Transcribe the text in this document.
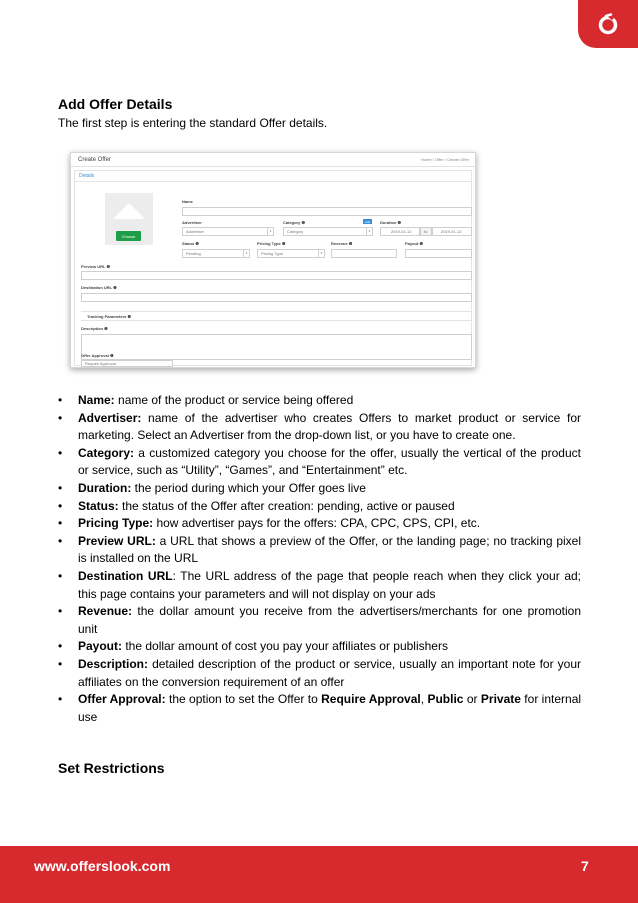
Add Offer Details
The first step is entering the standard Offer details.
Create Offer	Home / Offer / Create Offer
Details
Choose
Name
Advertiser
Advertiser	▾
Category ❶	Add
Category	▾
Duration ❶
2019-01-12	to	2019-01-12
Status ❶
Pending	▾
Pricing Type ❶
Pricing Type	▾
Revenue ❶	Payout ❶
Preview URL ❶
Destination URL ❶
Tracking Parameters ❶
Description ❶
Offer Approval ❶
Require Approval
• Name: name of the product or service being offered
• Advertiser: name of the advertiser who creates Offers to market product or service for marketing. Select an Advertiser from the drop-down list, or you have to create one.
• Category: a customized category you choose for the offer, usually the vertical of the product or service, such as “Utility”, “Games”, and “Entertainment” etc.
• Duration: the period during which your Offer goes live
• Status: the status of the Offer after creation: pending, active or paused
• Pricing Type: how advertiser pays for the offers: CPA, CPC, CPS, CPI, etc.
• Preview URL: a URL that shows a preview of the Offer, or the landing page; no tracking pixel is installed on the URL
• Destination URL: The URL address of the page that people reach when they click your ad; this page contains your parameters and will not display on your ads
• Revenue: the dollar amount you receive from the advertisers/merchants for one promotion unit
• Payout: the dollar amount of cost you pay your affiliates or publishers
• Description: detailed description of the product or service, usually an important note for your affiliates on the conversion requirement of an offer
• Offer Approval: the option to set the Offer to Require Approval, Public or Private for internal use
Set Restrictions
www.offerslook.com	7
